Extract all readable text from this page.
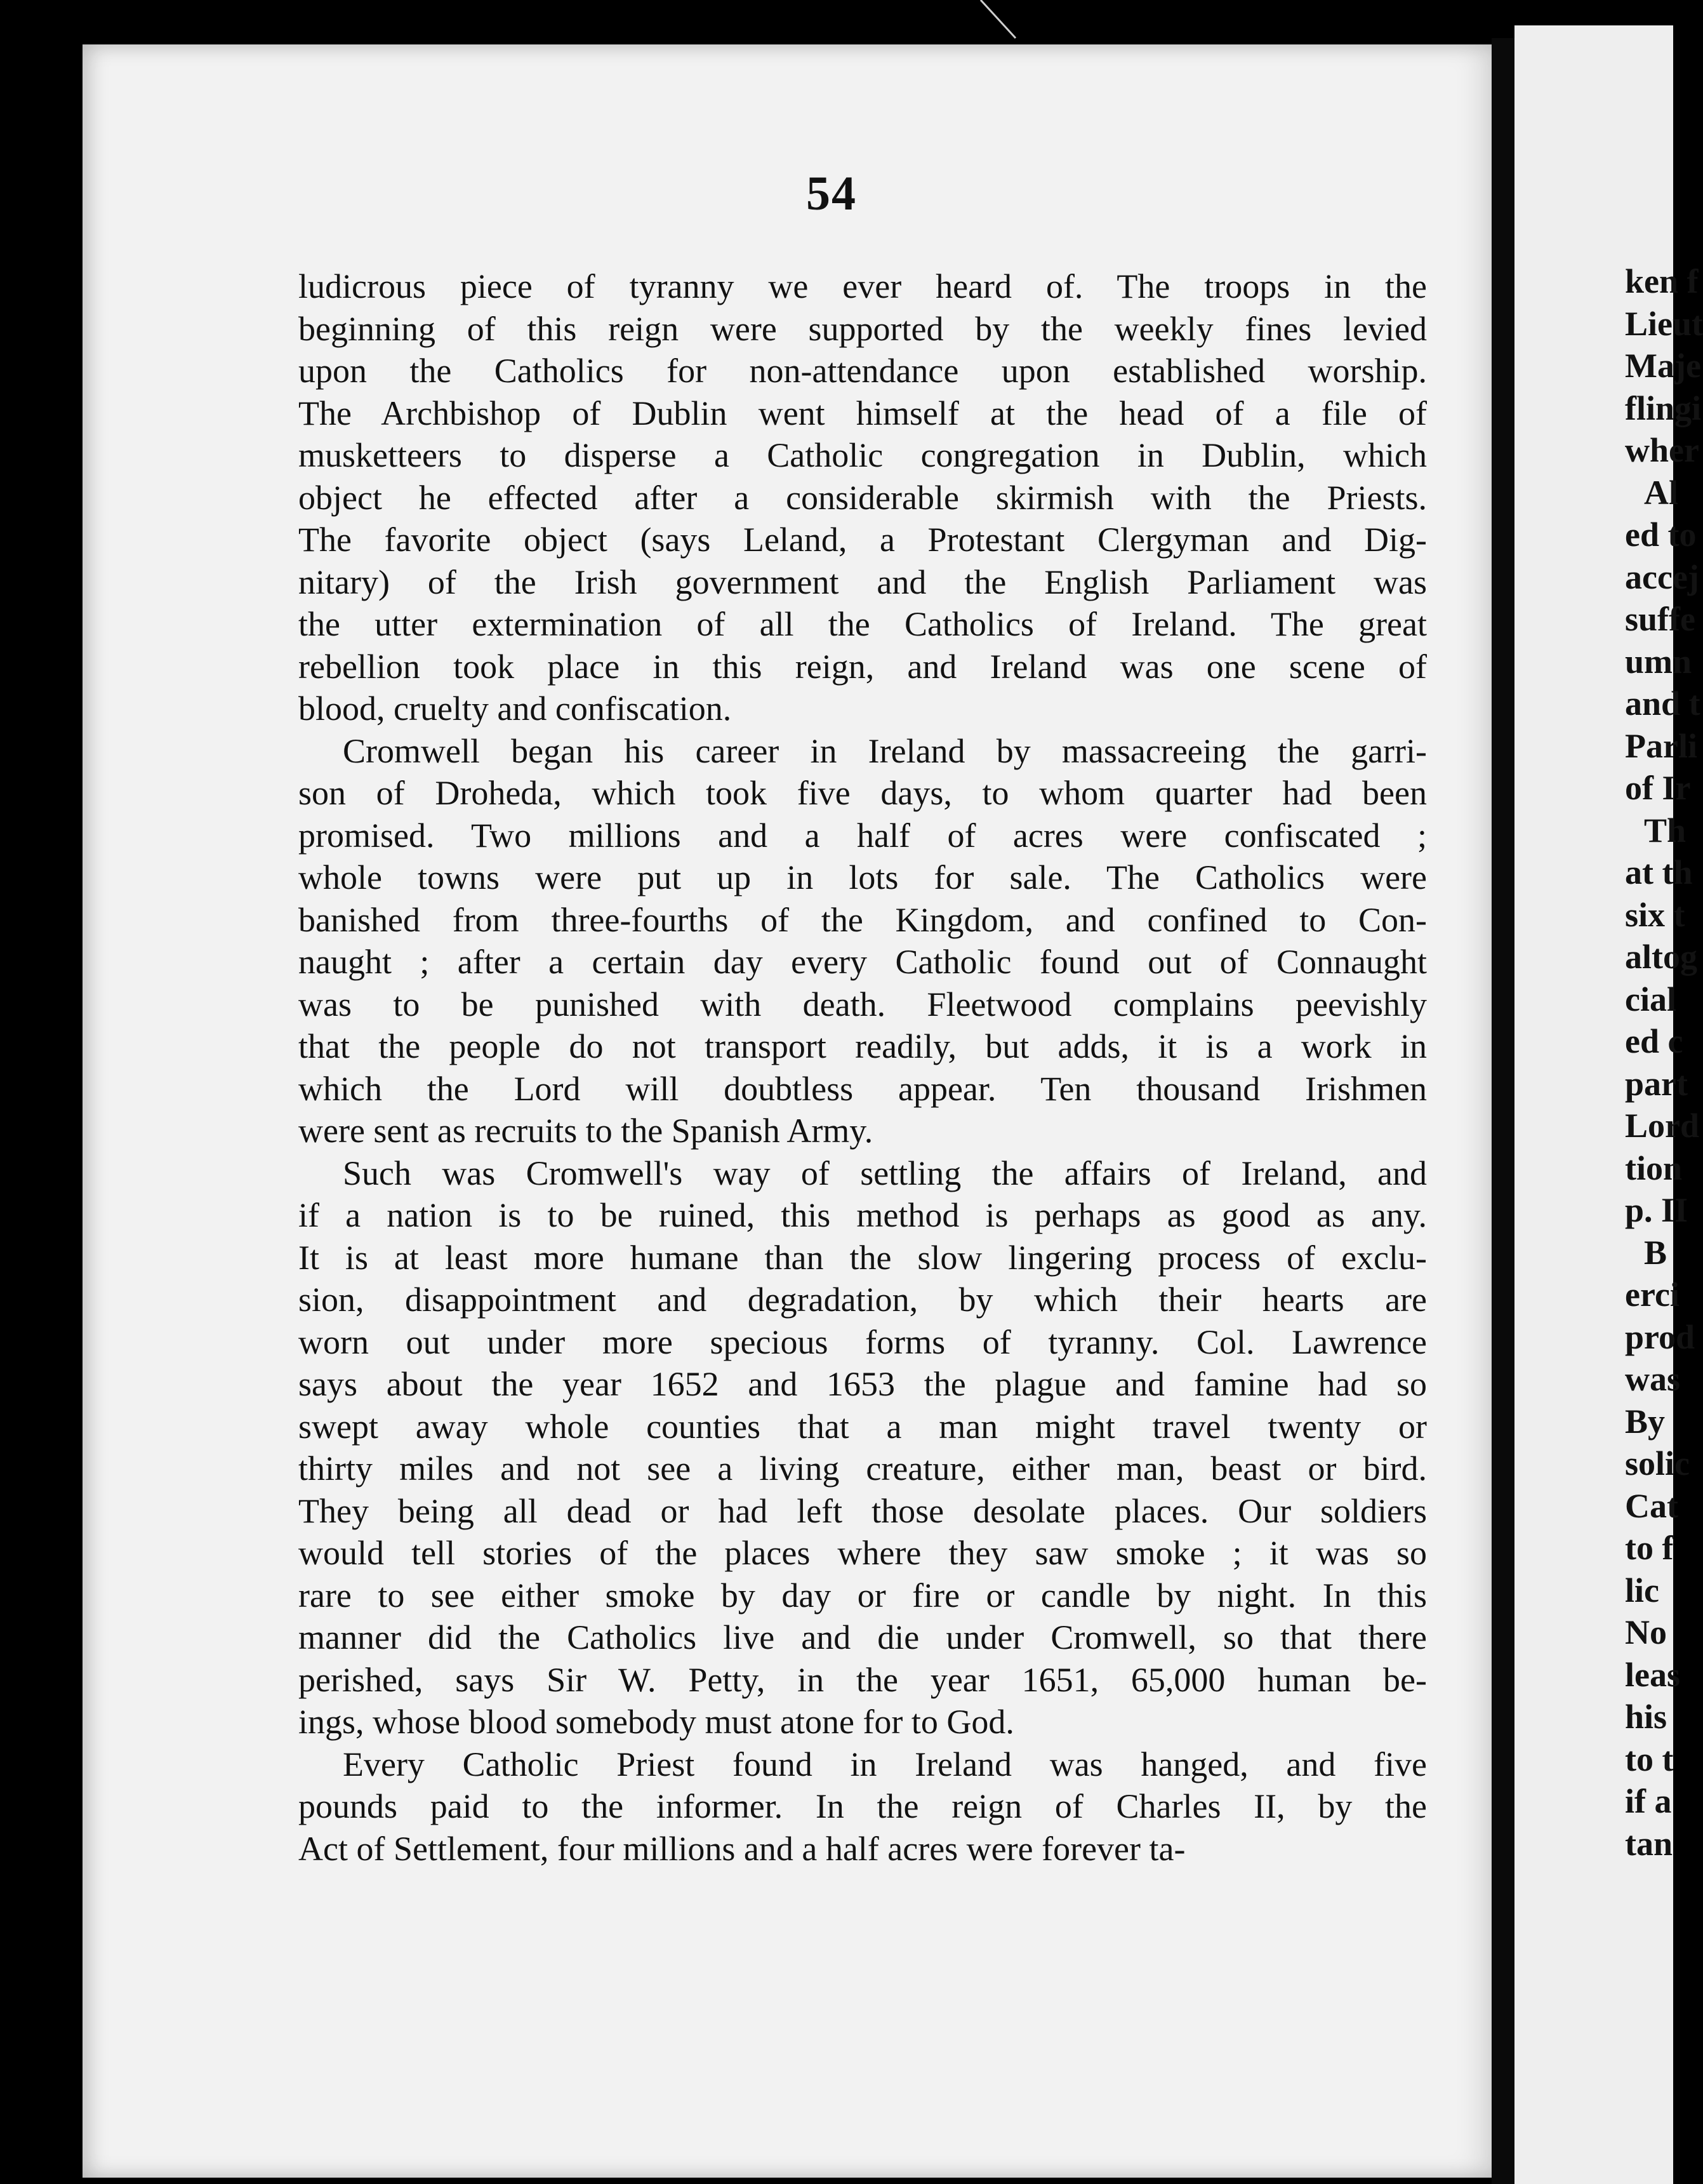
54
ludicrous piece of tyranny we ever heard of. The troops in the
beginning of this reign were supported by the weekly fines levied
upon the Catholics for non-attendance upon established worship.
The Archbishop of Dublin went himself at the head of a file of
musketteers to disperse a Catholic congregation in Dublin, which
object he effected after a considerable skirmish with the Priests.
The favorite object (says Leland, a Protestant Clergyman and Dig-
nitary) of the Irish government and the English Parliament was
the utter extermination of all the Catholics of Ireland. The great
rebellion took place in this reign, and Ireland was one scene of
blood, cruelty and confiscation.
Cromwell began his career in Ireland by massacreeing the garri-
son of Droheda, which took five days, to whom quarter had been
promised. Two millions and a half of acres were confiscated ;
whole towns were put up in lots for sale. The Catholics were
banished from three-fourths of the Kingdom, and confined to Con-
naught ; after a certain day every Catholic found out of Connaught
was to be punished with death. Fleetwood complains peevishly
that the people do not transport readily, but adds, it is a work in
which the Lord will doubtless appear. Ten thousand Irishmen
were sent as recruits to the Spanish Army.
Such was Cromwell's way of settling the affairs of Ireland, and
if a nation is to be ruined, this method is perhaps as good as any.
It is at least more humane than the slow lingering process of exclu-
sion, disappointment and degradation, by which their hearts are
worn out under more specious forms of tyranny. Col. Lawrence
says about the year 1652 and 1653 the plague and famine had so
swept away whole counties that a man might travel twenty or
thirty miles and not see a living creature, either man, beast or bird.
They being all dead or had left those desolate places. Our soldiers
would tell stories of the places where they saw smoke ; it was so
rare to see either smoke by day or fire or candle by night. In this
manner did the Catholics live and die under Cromwell, so that there
perished, says Sir W. Petty, in the year 1651, 65,000 human be-
ings, whose blood somebody must atone for to God.
Every Catholic Priest found in Ireland was hanged, and five
pounds paid to the informer. In the reign of Charles II, by the
Act of Settlement, four millions and a half acres were forever ta-
ken f
Lieut
Maje
flingi
wher
Al
ed to
accej
suffe
umn
and t
Parli
of Ir
Th
at th
six t
altog
cial
ed c
part
Lord
tion
p. II
B
erci
prod
was
By
solic
Cat
to f
lic
No
leas
his
to t
if a
tan
